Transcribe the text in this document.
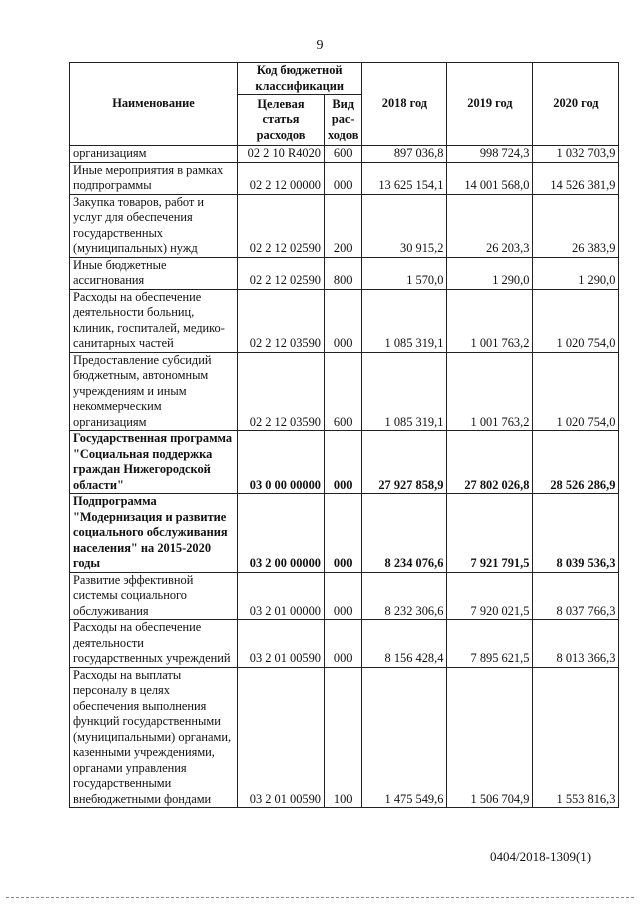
9
Наименование	Код бюджетной классификации		2018 год	2019 год	2020 год
	Целевая статья расходов	Вид рас-ходов			
организациям	02 2 10 R4020	600	897 036,8	998 724,3	1 032 703,9
Иные мероприятия в рамках подпрограммы	02 2 12 00000	000	13 625 154,1	14 001 568,0	14 526 381,9
Закупка товаров, работ и услуг для обеспечения государственных (муниципальных) нужд	02 2 12 02590	200	30 915,2	26 203,3	26 383,9
Иные бюджетные ассигнования	02 2 12 02590	800	1 570,0	1 290,0	1 290,0
Расходы на обеспечение деятельности больниц, клиник, госпиталей, медико-санитарных частей	02 2 12 03590	000	1 085 319,1	1 001 763,2	1 020 754,0
Предоставление субсидий бюджетным, автономным учреждениям и иным некоммерческим организациям	02 2 12 03590	600	1 085 319,1	1 001 763,2	1 020 754,0
Государственная программа "Социальная поддержка граждан Нижегородской области"	03 0 00 00000	000	27 927 858,9	27 802 026,8	28 526 286,9
Подпрограмма "Модернизация и развитие социального обслуживания населения" на 2015-2020 годы	03 2 00 00000	000	8 234 076,6	7 921 791,5	8 039 536,3
Развитие эффективной системы социального обслуживания	03 2 01 00000	000	8 232 306,6	7 920 021,5	8 037 766,3
Расходы на обеспечение деятельности государственных учреждений	03 2 01 00590	000	8 156 428,4	7 895 621,5	8 013 366,3
Расходы на выплаты персоналу в целях обеспечения выполнения функций государственными (муниципальными) органами, казенными учреждениями, органами управления государственными внебюджетными фондами	03 2 01 00590	100	1 475 549,6	1 506 704,9	1 553 816,3
0404/2018-1309(1)
